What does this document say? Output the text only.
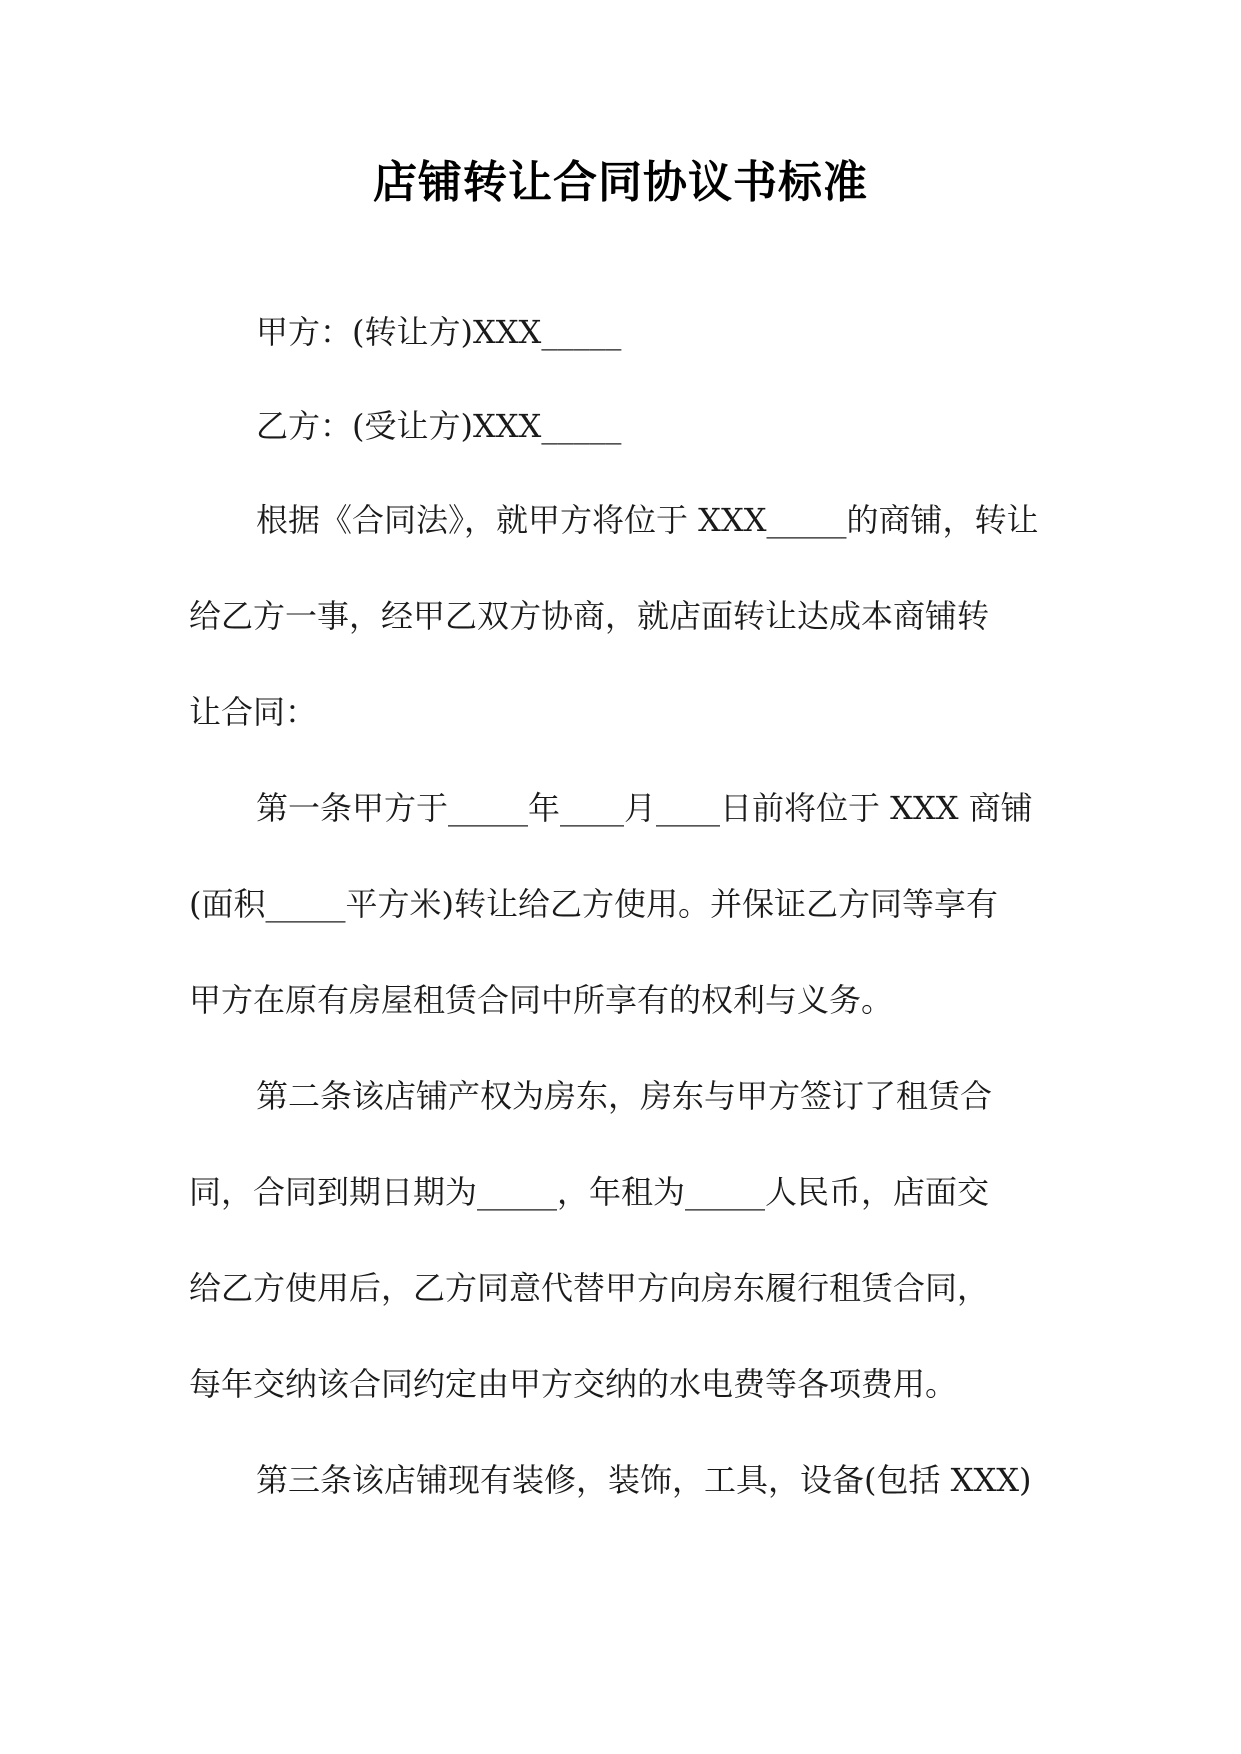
店铺转让合同协议书标准
甲方：(转让方)XXX_____
乙方：(受让方)XXX_____
根据《合同法》，就甲方将位于 XXX_____的商铺，转让
给乙方一事，经甲乙双方协商，就店面转让达成本商铺转
让合同：
第一条甲方于_____年____月____日前将位于 XXX 商铺
(面积_____平方米)转让给乙方使用。并保证乙方同等享有
甲方在原有房屋租赁合同中所享有的权利与义务。
第二条该店铺产权为房东，房东与甲方签订了租赁合
同，合同到期日期为_____，年租为_____人民币，店面交
给乙方使用后，乙方同意代替甲方向房东履行租赁合同，
每年交纳该合同约定由甲方交纳的水电费等各项费用。
第三条该店铺现有装修，装饰，工具，设备(包括 XXX)
